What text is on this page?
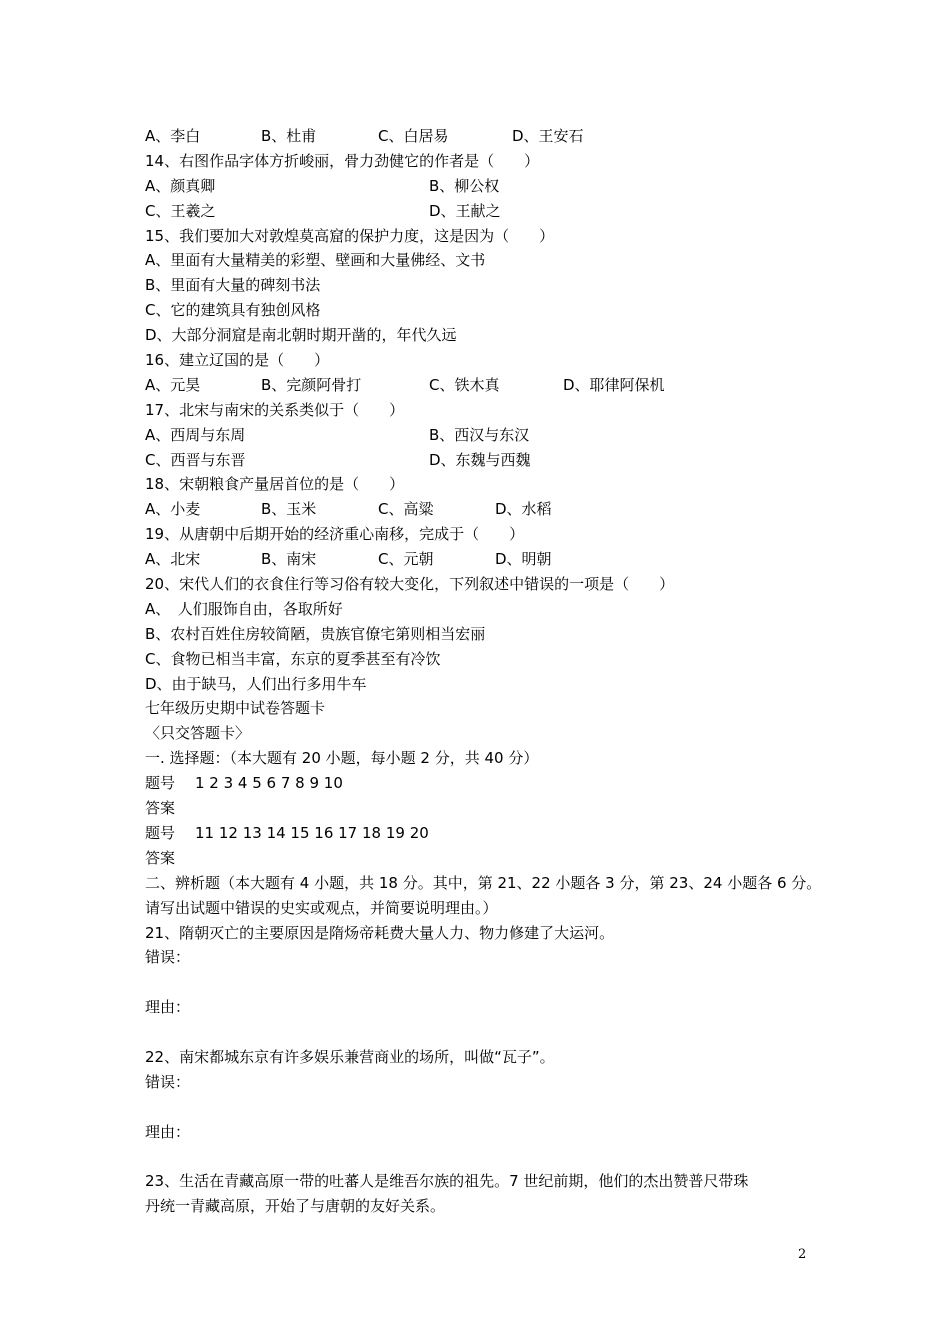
A、李白	B、杜甫	C、白居易	D、王安石
14、右图作品字体方折峻丽，骨力劲健它的作者是（　　）
A、颜真卿	B、柳公权
C、王羲之	D、王献之
15、我们要加大对敦煌莫高窟的保护力度，这是因为（　　）
A、里面有大量精美的彩塑、壁画和大量佛经、文书
B、里面有大量的碑刻书法
C、它的建筑具有独创风格
D、大部分洞窟是南北朝时期开凿的，年代久远
16、建立辽国的是（　　）
A、元昊	B、完颜阿骨打	C、铁木真	D、耶律阿保机
17、北宋与南宋的关系类似于（　　）
A、西周与东周	B、西汉与东汉
C、西晋与东晋	D、东魏与西魏
18、宋朝粮食产量居首位的是（　　）
A、小麦	B、玉米	C、高粱	D、水稻
19、从唐朝中后期开始的经济重心南移，完成于（　　）
A、北宋	B、南宋	C、元朝	D、明朝
20、宋代人们的衣食住行等习俗有较大变化，下列叙述中错误的一项是（　　）
A、　人们服饰自由，各取所好
B、农村百姓住房较简陋，贵族官僚宅第则相当宏丽
C、食物已相当丰富，东京的夏季甚至有冷饮
D、由于缺马，人们出行多用牛车
七年级历史期中试卷答题卡
〈只交答题卡〉
一. 选择题：（本大题有 20 小题，每小题 2 分，共 40 分）
题号 1 2 3 4 5 6 7 8 9 10
答案
题号 11 12 13 14 15 16 17 18 19 20
答案
二、辨析题（本大题有 4 小题，共 18 分。其中，第 21、22 小题各 3 分，第 23、24 小题各 6 分。
请写出试题中错误的史实或观点，并简要说明理由。）
21、隋朝灭亡的主要原因是隋炀帝耗费大量人力、物力修建了大运河。
错误：
理由：
22、南宋都城东京有许多娱乐兼营商业的场所，叫做“瓦子”。
错误：
理由：
23、生活在青藏高原一带的吐蕃人是维吾尔族的祖先。7 世纪前期，他们的杰出赞普尺带珠
丹统一青藏高原，开始了与唐朝的友好关系。
2
